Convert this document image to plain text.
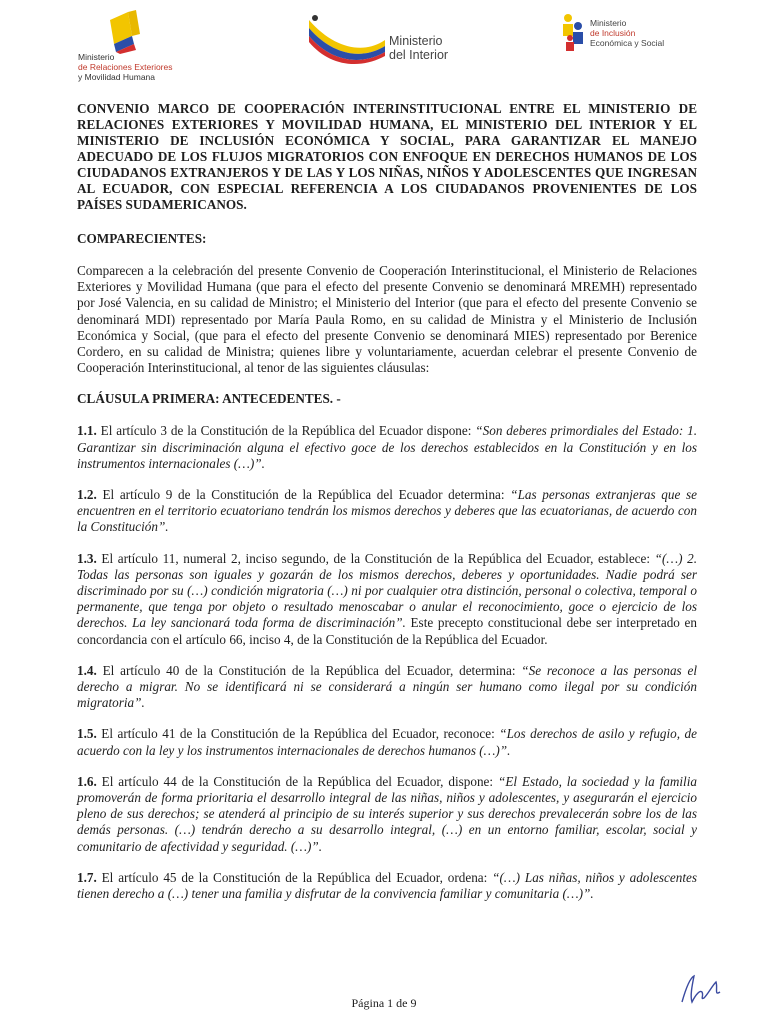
Ministerio
de Relaciones Exteriores
y Movilidad Humana
Ministerio
del Interior
Ministerio
de Inclusión
Económica y Social

CONVENIO MARCO DE COOPERACIÓN INTERINSTITUCIONAL ENTRE EL MINISTERIO DE RELACIONES EXTERIORES Y MOVILIDAD HUMANA, EL MINISTERIO DEL INTERIOR Y EL MINISTERIO DE INCLUSIÓN ECONÓMICA Y SOCIAL, PARA GARANTIZAR EL MANEJO ADECUADO DE LOS FLUJOS MIGRATORIOS CON ENFOQUE EN DERECHOS HUMANOS DE LOS CIUDADANOS EXTRANJEROS Y DE LAS Y LOS NIÑAS, NIÑOS Y ADOLESCENTES QUE INGRESAN AL ECUADOR, CON ESPECIAL REFERENCIA A LOS CIUDADANOS PROVENIENTES DE LOS PAÍSES SUDAMERICANOS.

COMPARECIENTES:

Comparecen a la celebración del presente Convenio de Cooperación Interinstitucional, el Ministerio de Relaciones Exteriores y Movilidad Humana (que para el efecto del presente Convenio se denominará MREMH) representado por José Valencia, en su calidad de Ministro; el Ministerio del Interior (que para el efecto del presente Convenio se denominará MDI) representado por María Paula Romo, en su calidad de Ministra y el Ministerio de Inclusión Económica y Social, (que para el efecto del presente Convenio se denominará MIES) representado por Berenice Cordero, en su calidad de Ministra; quienes libre y voluntariamente, acuerdan celebrar el presente Convenio de Cooperación Interinstitucional, al tenor de las siguientes cláusulas:

CLÁUSULA PRIMERA: ANTECEDENTES. -

1.1. El artículo 3 de la Constitución de la República del Ecuador dispone: “Son deberes primordiales del Estado: 1. Garantizar sin discriminación alguna el efectivo goce de los derechos establecidos en la Constitución y en los instrumentos internacionales (…)”.

1.2. El artículo 9 de la Constitución de la República del Ecuador determina: “Las personas extranjeras que se encuentren en el territorio ecuatoriano tendrán los mismos derechos y deberes que las ecuatorianas, de acuerdo con la Constitución”.

1.3. El artículo 11, numeral 2, inciso segundo, de la Constitución de la República del Ecuador, establece: “(…) 2. Todas las personas son iguales y gozarán de los mismos derechos, deberes y oportunidades. Nadie podrá ser discriminado por su (…) condición migratoria (…) ni por cualquier otra distinción, personal o colectiva, temporal o permanente, que tenga por objeto o resultado menoscabar o anular el reconocimiento, goce o ejercicio de los derechos. La ley sancionará toda forma de discriminación”. Este precepto constitucional debe ser interpretado en concordancia con el artículo 66, inciso 4, de la Constitución de la República del Ecuador.

1.4. El artículo 40 de la Constitución de la República del Ecuador, determina: “Se reconoce a las personas el derecho a migrar. No se identificará ni se considerará a ningún ser humano como ilegal por su condición migratoria”.

1.5. El artículo 41 de la Constitución de la República del Ecuador, reconoce: “Los derechos de asilo y refugio, de acuerdo con la ley y los instrumentos internacionales de derechos humanos (…)”.

1.6. El artículo 44 de la Constitución de la República del Ecuador, dispone: “El Estado, la sociedad y la familia promoverán de forma prioritaria el desarrollo integral de las niñas, niños y adolescentes, y asegurarán el ejercicio pleno de sus derechos; se atenderá al principio de su interés superior y sus derechos prevalecerán sobre los de las demás personas. (…) tendrán derecho a su desarrollo integral, (…) en un entorno familiar, escolar, social y comunitario de afectividad y seguridad. (…)”.

1.7. El artículo 45 de la Constitución de la República del Ecuador, ordena: “(…) Las niñas, niños y adolescentes tienen derecho a (…) tener una familia y disfrutar de la convivencia familiar y comunitaria (…)”.

Página 1 de 9
